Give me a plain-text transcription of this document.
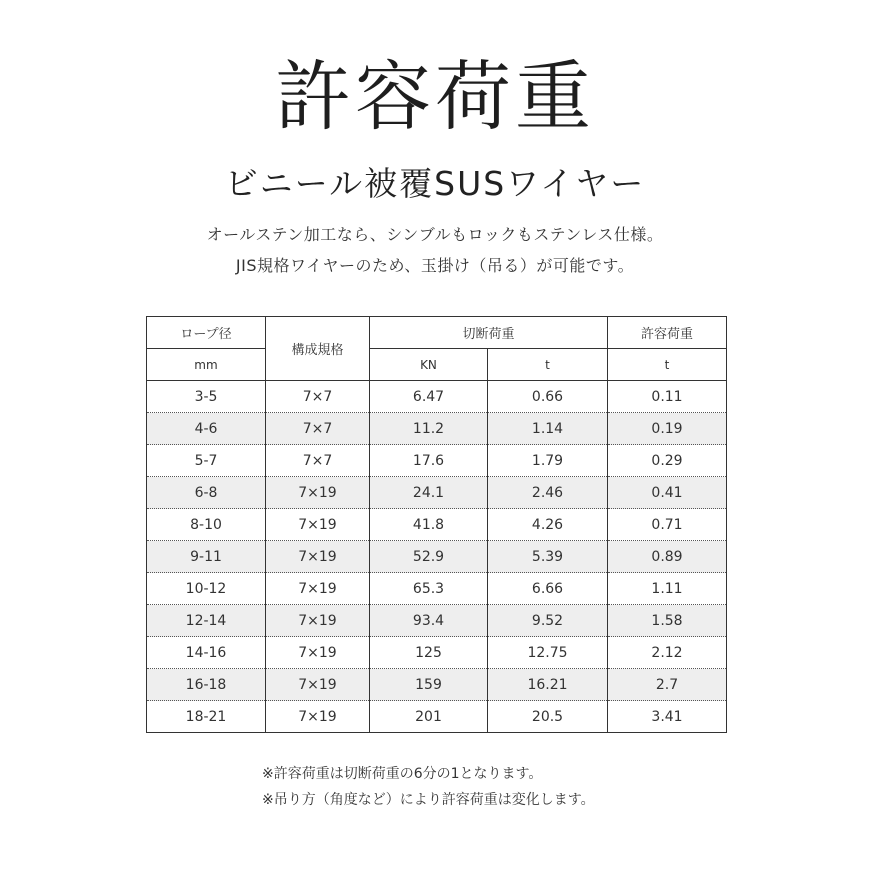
許容荷重
ビニール被覆SUSワイヤー
オールステン加工なら、シンブルもロックもステンレス仕様。
JIS規格ワイヤーのため、玉掛け（吊る）が可能です。
ロープ径	構成規格	切断荷重		許容荷重
mm		KN	t	t
3-5	7×7	6.47	0.66	0.11
4-6	7×7	11.2	1.14	0.19
5-7	7×7	17.6	1.79	0.29
6-8	7×19	24.1	2.46	0.41
8-10	7×19	41.8	4.26	0.71
9-11	7×19	52.9	5.39	0.89
10-12	7×19	65.3	6.66	1.11
12-14	7×19	93.4	9.52	1.58
14-16	7×19	125	12.75	2.12
16-18	7×19	159	16.21	2.7
18-21	7×19	201	20.5	3.41
※許容荷重は切断荷重の6分の1となります。
※吊り方（角度など）により許容荷重は変化します。
